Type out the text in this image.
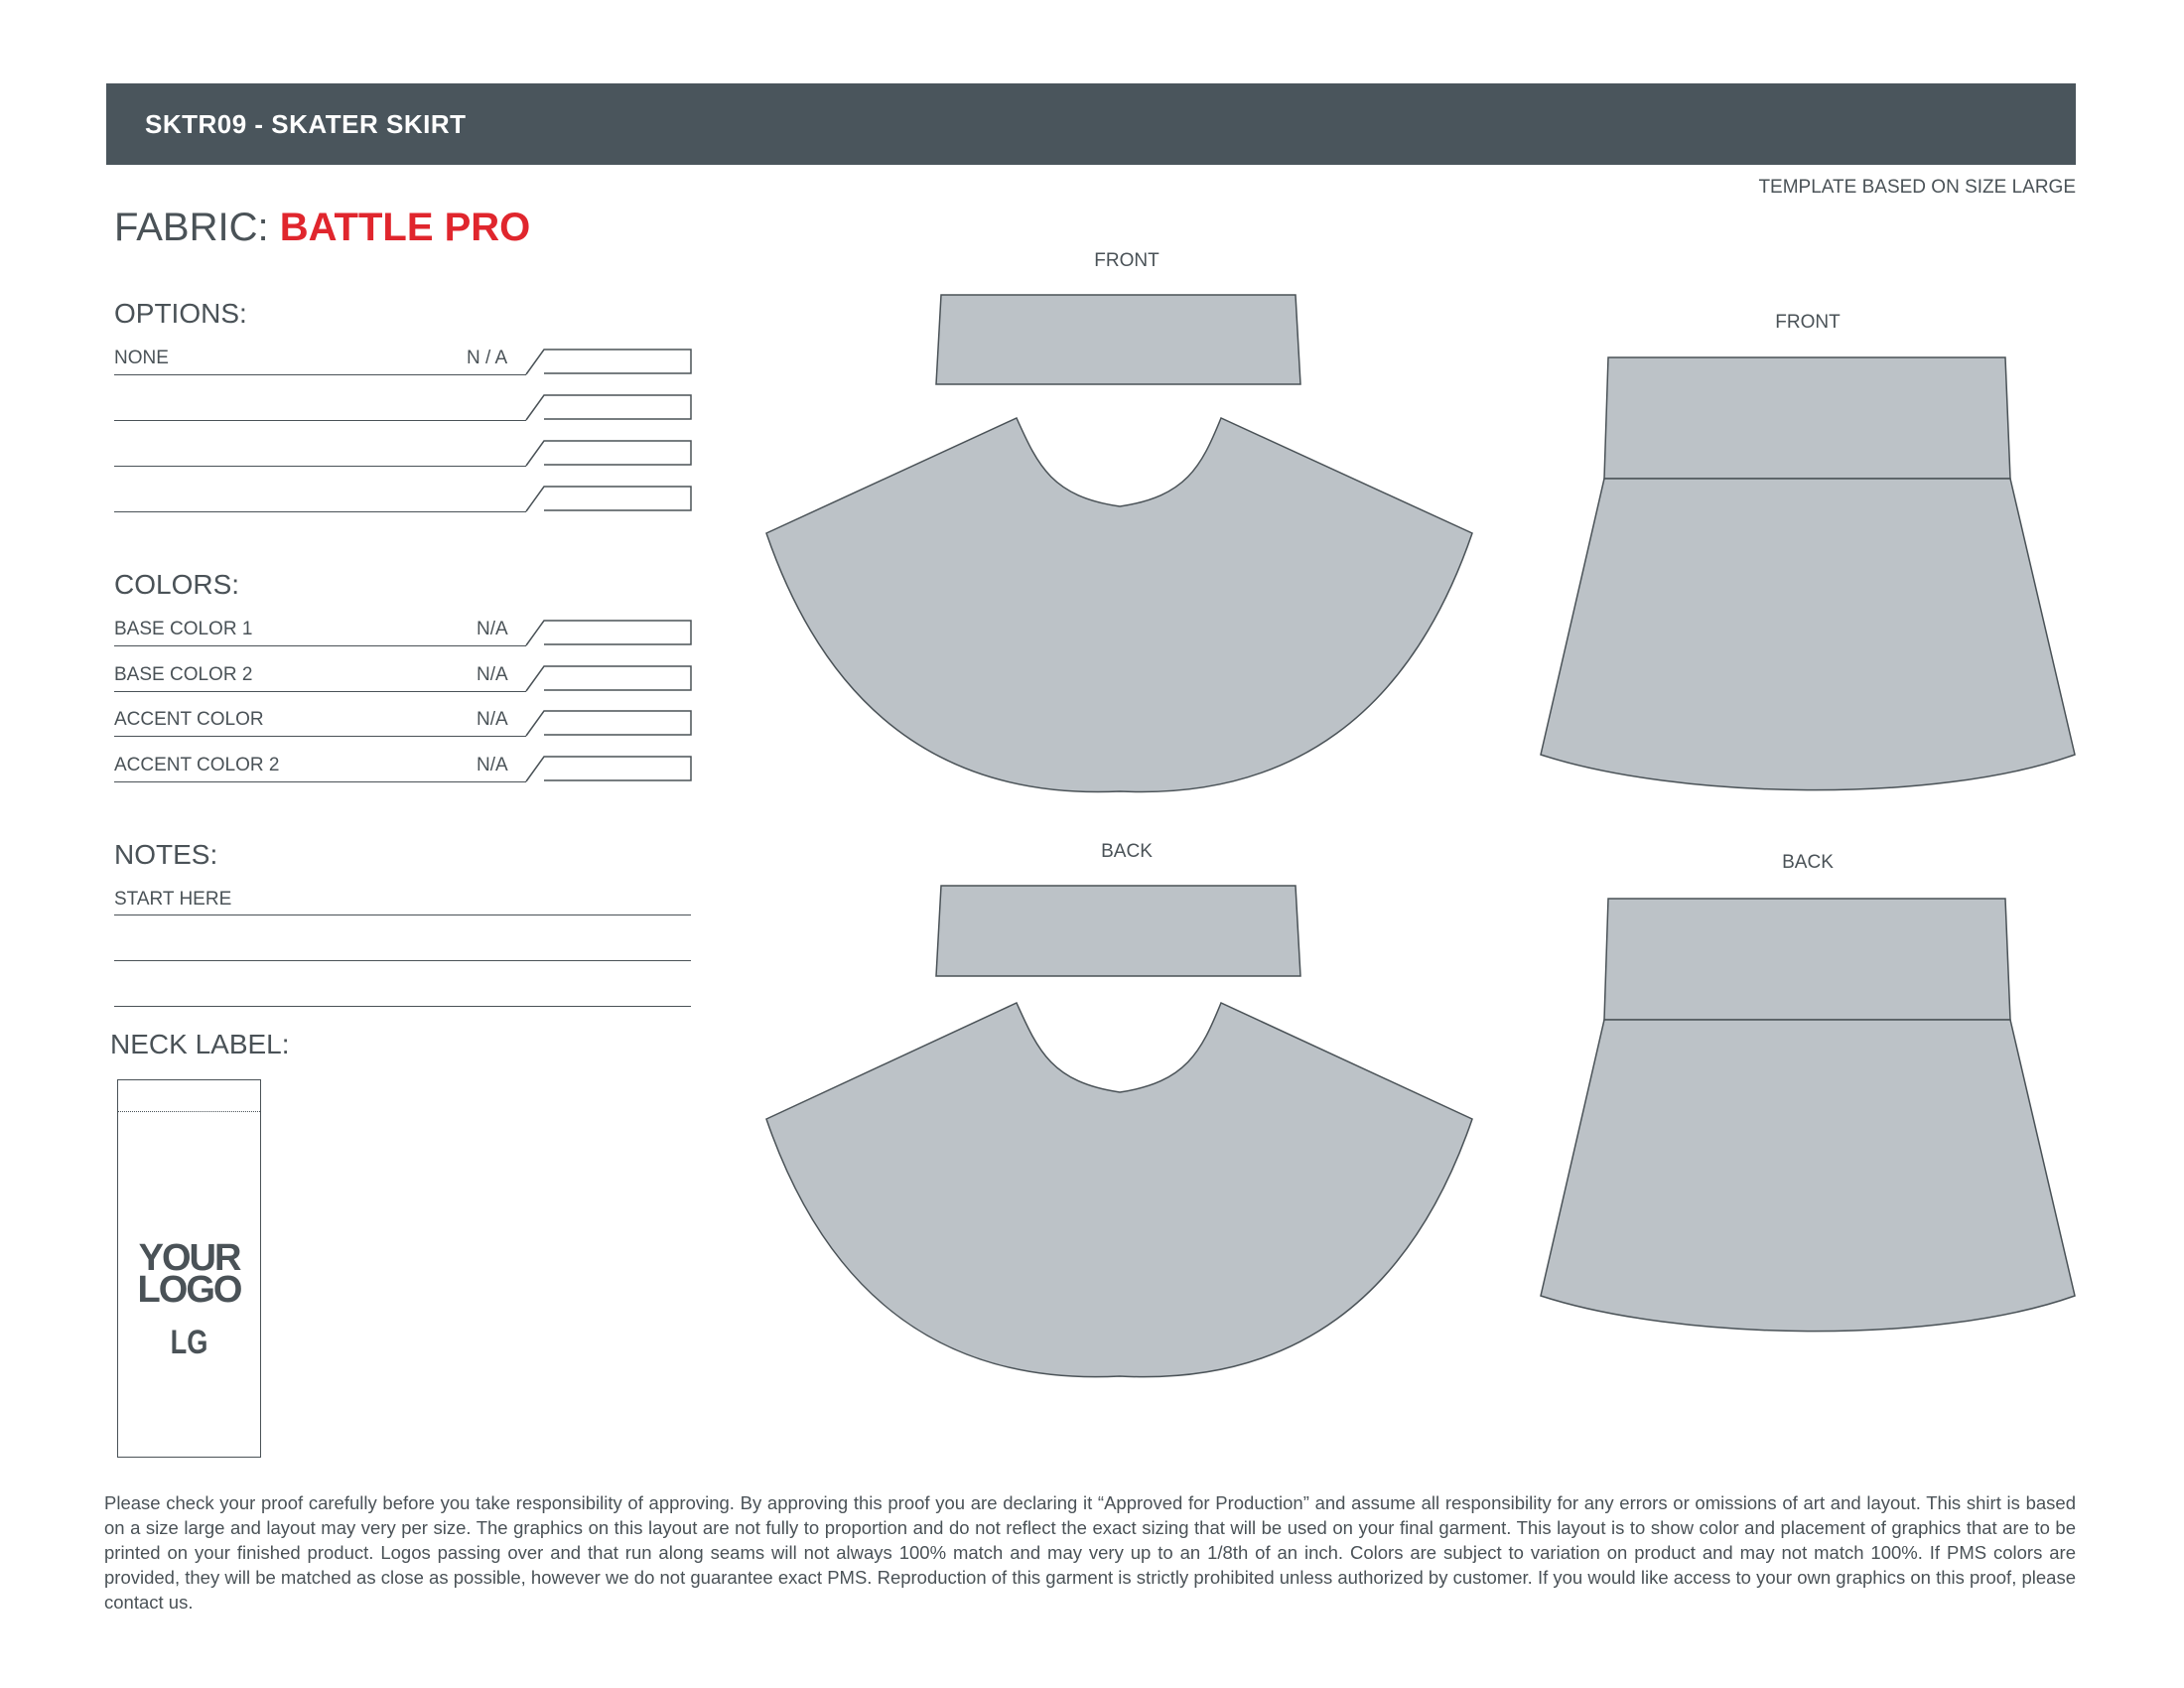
SKTR09 - SKATER SKIRT
TEMPLATE BASED ON SIZE LARGE
FABRIC: BATTLE PRO
OPTIONS:
NONE	N / A
COLORS:
BASE COLOR 1	N/A
BASE COLOR 2	N/A
ACCENT COLOR	N/A
ACCENT COLOR 2	N/A
NOTES:
START HERE
NECK LABEL:
YOUR
LOGO
LG
FRONT
BACK
FRONT
BACK
Please check your proof carefully before you take responsibility of approving. By approving this proof you are declaring it “Approved for Production” and assume all responsibility for any errors or omissions of art and layout. This shirt is based on a size large and layout may very per size. The graphics on this layout are not fully to proportion and do not reflect the exact sizing that will be used on your final garment. This layout is to show color and placement of graphics that are to be printed on your finished product. Logos passing over and that run along seams will not always 100% match and may very up to an 1/8th of an inch. Colors are subject to variation on product and may not match 100%. If PMS colors are provided, they will be matched as close as possible, however we do not guarantee exact PMS. Reproduction of this garment is strictly prohibited unless authorized by customer. If you would like access to your own graphics on this proof, please contact us.
